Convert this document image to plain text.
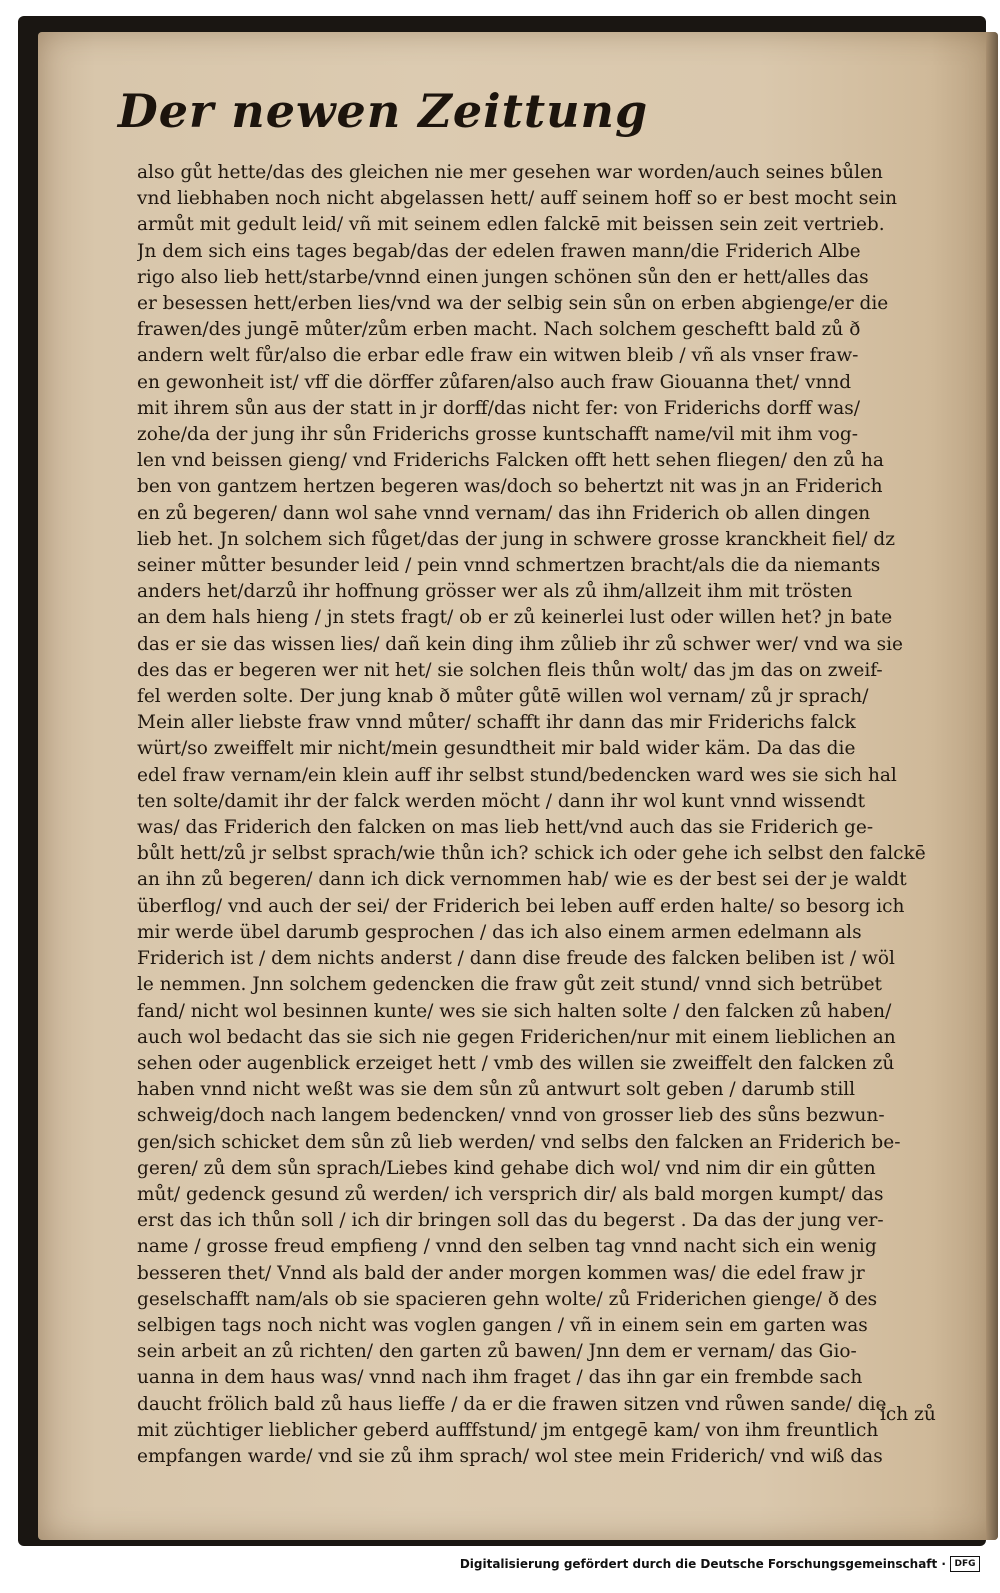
Der newen Zeittung
also gůt hette/das des gleichen nie mer gesehen war worden/auch seines bůlen
vnd liebhaben noch nicht abgelassen hett/ auff seinem hoff so er best mocht sein
armůt mit gedult leid/ vñ mit seinem edlen falckē mit beissen sein zeit vertrieb.
Jn dem sich eins tages begab/das der edelen frawen mann/die Friderich Albe
rigo also lieb hett/starbe/vnnd einen jungen schönen sůn den er hett/alles das
er besessen hett/erben lies/vnd wa der selbig sein sůn on erben abgienge/er die
frawen/des jungē můter/zům erben macht. Nach solchem gescheftt bald zů ð
andern welt fůr/also die erbar edle fraw ein witwen bleib / vñ als vnser fraw-
en gewonheit ist/ vff die dörffer zůfaren/also auch fraw Giouanna thet/ vnnd
mit ihrem sůn aus der statt in jr dorff/das nicht fer: von Friderichs dorff was/
zohe/da der jung ihr sůn Friderichs grosse kuntschafft name/vil mit ihm vog-
len vnd beissen gieng/ vnd Friderichs Falcken offt hett sehen fliegen/ den zů ha
ben von gantzem hertzen begeren was/doch so behertzt nit was jn an Friderich
en zů begeren/ dann wol sahe vnnd vernam/ das ihn Friderich ob allen dingen
lieb het. Jn solchem sich fůget/das der jung in schwere grosse kranckheit fiel/ dz
seiner můtter besunder leid / pein vnnd schmertzen bracht/als die da niemants
anders het/darzů ihr hoffnung grösser wer als zů ihm/allzeit ihm mit trösten
an dem hals hieng / jn stets fragt/ ob er zů keinerlei lust oder willen het? jn bate
das er sie das wissen lies/ dañ kein ding ihm zůlieb ihr zů schwer wer/ vnd wa sie
des das er begeren wer nit het/ sie solchen fleis thůn wolt/ das jm das on zweif-
fel werden solte. Der jung knab ð můter gůtē willen wol vernam/ zů jr sprach/
Mein aller liebste fraw vnnd můter/ schafft ihr dann das mir Friderichs falck
würt/so zweiffelt mir nicht/mein gesundtheit mir bald wider käm. Da das die
edel fraw vernam/ein klein auff ihr selbst stund/bedencken ward wes sie sich hal
ten solte/damit ihr der falck werden möcht / dann ihr wol kunt vnnd wissendt
was/ das Friderich den falcken on mas lieb hett/vnd auch das sie Friderich ge-
bůlt hett/zů jr selbst sprach/wie thůn ich? schick ich oder gehe ich selbst den falckē
an ihn zů begeren/ dann ich dick vernommen hab/ wie es der best sei der je waldt
überflog/ vnd auch der sei/ der Friderich bei leben auff erden halte/ so besorg ich
mir werde übel darumb gesprochen / das ich also einem armen edelmann als
Friderich ist / dem nichts anderst / dann dise freude des falcken beliben ist / wöl
le nemmen. Jnn solchem gedencken die fraw gůt zeit stund/ vnnd sich betrübet
fand/ nicht wol besinnen kunte/ wes sie sich halten solte / den falcken zů haben/
auch wol bedacht das sie sich nie gegen Friderichen/nur mit einem lieblichen an
sehen oder augenblick erzeiget hett / vmb des willen sie zweiffelt den falcken zů
haben vnnd nicht weßt was sie dem sůn zů antwurt solt geben / darumb still
schweig/doch nach langem bedencken/ vnnd von grosser lieb des sůns bezwun-
gen/sich schicket dem sůn zů lieb werden/ vnd selbs den falcken an Friderich be-
geren/ zů dem sůn sprach/Liebes kind gehabe dich wol/ vnd nim dir ein gůtten
můt/ gedenck gesund zů werden/ ich versprich dir/ als bald morgen kumpt/ das
erst das ich thůn soll / ich dir bringen soll das du begerst . Da das der jung ver-
name / grosse freud empfieng / vnnd den selben tag vnnd nacht sich ein wenig
besseren thet/ Vnnd als bald der ander morgen kommen was/ die edel fraw jr
geselschafft nam/als ob sie spacieren gehn wolte/ zů Friderichen gienge/ ð des
selbigen tags noch nicht was voglen gangen / vñ in einem sein em garten was
sein arbeit an zů richten/ den garten zů bawen/ Jnn dem er vernam/ das Gio-
uanna in dem haus was/ vnnd nach ihm fraget / das ihn gar ein frembde sach
daucht frölich bald zů haus lieffe / da er die frawen sitzen vnd růwen sande/ die
mit züchtiger lieblicher geberd aufffstund/ jm entgegē kam/ von ihm freuntlich
empfangen warde/ vnd sie zů ihm sprach/ wol stee mein Friderich/ vnd wiß das
ich zů
Digitalisierung gefördert durch die Deutsche Forschungsgemeinschaft · DFG
